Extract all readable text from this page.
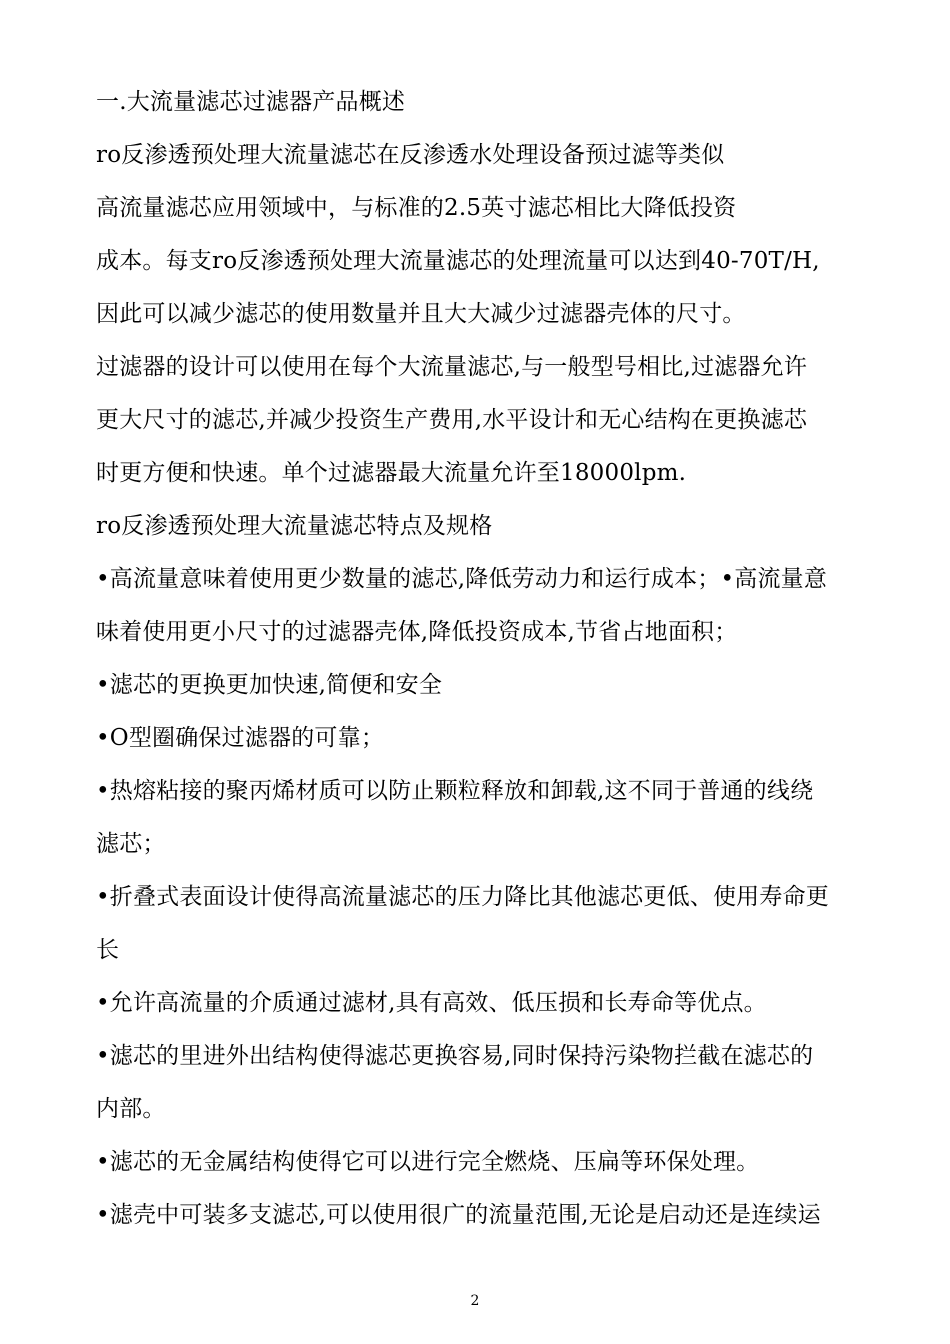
一.大流量滤芯过滤器产品概述
ro反渗透预处理大流量滤芯在反渗透水处理设备预过滤等类似
高流量滤芯应用领域中，与标准的2.5英寸滤芯相比大降低投资
成本。每支ro反渗透预处理大流量滤芯的处理流量可以达到40-70T/H,
因此可以减少滤芯的使用数量并且大大减少过滤器壳体的尺寸。
过滤器的设计可以使用在每个大流量滤芯,与一般型号相比,过滤器允许
更大尺寸的滤芯,并减少投资生产费用,水平设计和无心结构在更换滤芯
时更方便和快速。单个过滤器最大流量允许至18000lpm.
ro反渗透预处理大流量滤芯特点及规格
•高流量意味着使用更少数量的滤芯,降低劳动力和运行成本；•高流量意
味着使用更小尺寸的过滤器壳体,降低投资成本,节省占地面积；
•滤芯的更换更加快速,简便和安全
•O型圈确保过滤器的可靠；
•热熔粘接的聚丙烯材质可以防止颗粒释放和卸载,这不同于普通的线绕
滤芯；
•折叠式表面设计使得高流量滤芯的压力降比其他滤芯更低、使用寿命更
长
•允许高流量的介质通过滤材,具有高效、低压损和长寿命等优点。
•滤芯的里进外出结构使得滤芯更换容易,同时保持污染物拦截在滤芯的
内部。
•滤芯的无金属结构使得它可以进行完全燃烧、压扁等环保处理。
•滤壳中可装多支滤芯,可以使用很广的流量范围,无论是启动还是连续运
2
